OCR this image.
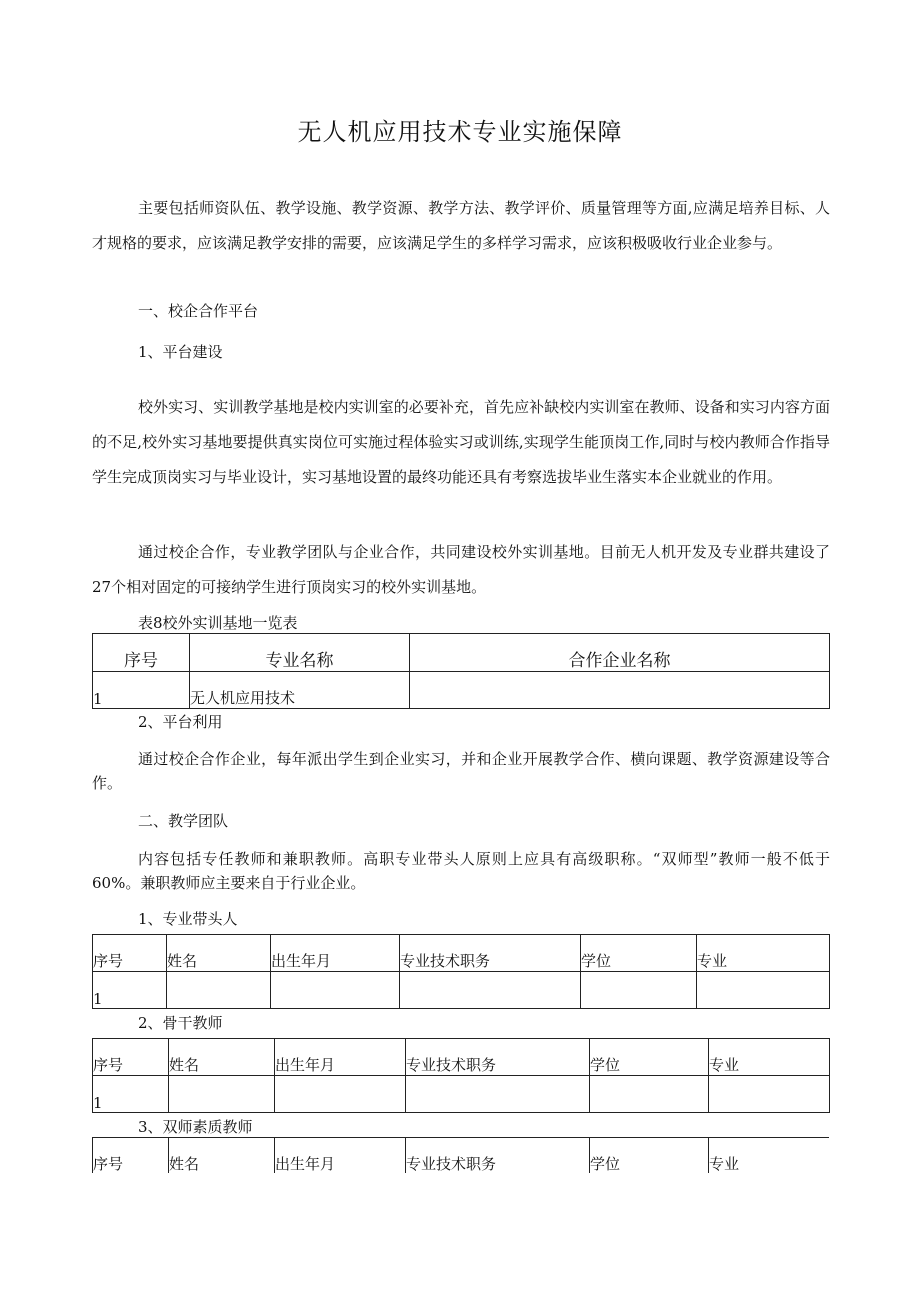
无人机应用技术专业实施保障

主要包括师资队伍、教学设施、教学资源、教学方法、教学评价、质量管理等方面,应满足培养目标、人才规格的要求，应该满足教学安排的需要，应该满足学生的多样学习需求，应该积极吸收行业企业参与。

一、校企合作平台
1、平台建设

校外实习、实训教学基地是校内实训室的必要补充，首先应补缺校内实训室在教师、设备和实习内容方面的不足,校外实习基地要提供真实岗位可实施过程体验实习或训练,实现学生能顶岗工作,同时与校内教师合作指导学生完成顶岗实习与毕业设计，实习基地设置的最终功能还具有考察选拔毕业生落实本企业就业的作用。

通过校企合作，专业教学团队与企业合作，共同建设校外实训基地。目前无人机开发及专业群共建设了27个相对固定的可接纳学生进行顶岗实习的校外实训基地。

表8校外实训基地一览表
序号	专业名称	合作企业名称
1	无人机应用技术	
2、平台利用

通过校企合作企业，每年派出学生到企业实习，并和企业开展教学合作、横向课题、教学资源建设等合作。

二、教学团队

内容包括专任教师和兼职教师。高职专业带头人原则上应具有高级职称。“双师型”教师一般不低于60%。兼职教师应主要来自于行业企业。

1、专业带头人
序号	姓名	出生年月	专业技术职务	学位	专业
1					
2、骨干教师
序号	姓名	出生年月	专业技术职务	学位	专业
1					
3、双师素质教师
序号	姓名	出生年月	专业技术职务	学位	专业
